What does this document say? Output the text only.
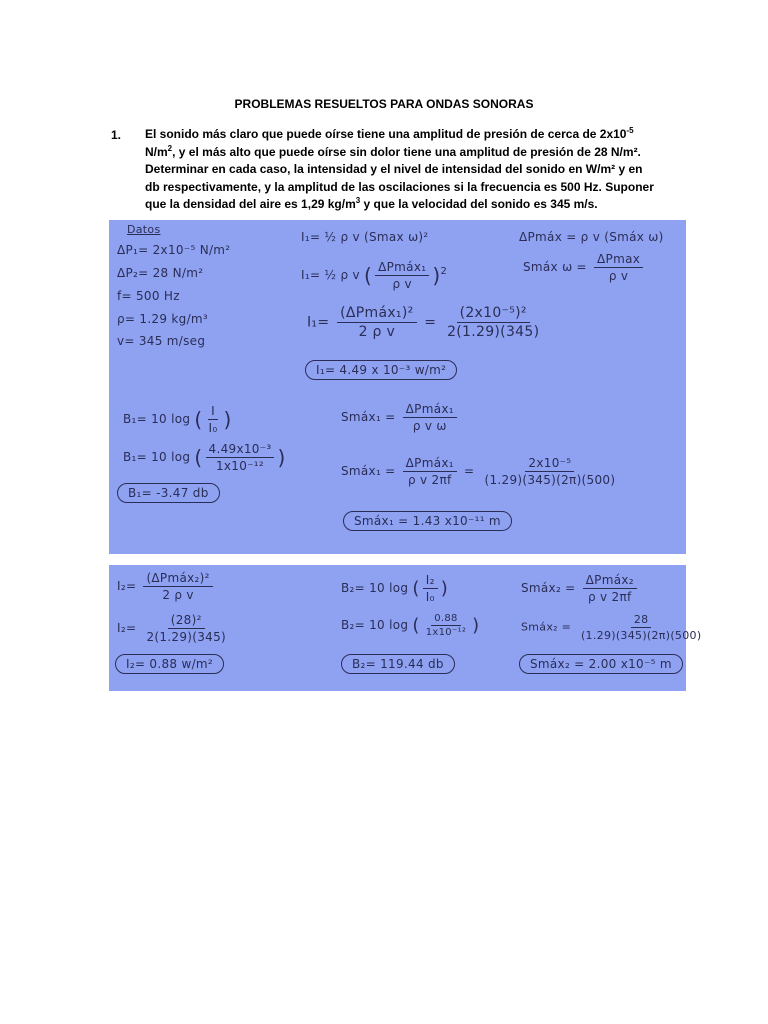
PROBLEMAS RESUELTOS PARA ONDAS SONORAS
1. El sonido más claro que puede oírse tiene una amplitud de presión de cerca de $2x10^{-5}$ $N/m^2$, y el más alto que puede oírse sin dolor tiene una amplitud de presión de 28 N/m². Determinar en cada caso, la intensidad y el nivel de intensidad del sonido en W/m² y en db respectivamente, y la amplitud de las oscilaciones si la frecuencia es 500 Hz. Suponer que la densidad del aire es 1,29 $kg/m^3$ y que la velocidad del sonido es 345 m/s.
Datos
ΔP₁= 2x10⁻⁵ N/m²
ΔP₂= 28 N/m²
f= 500 Hz
ρ= 1.29 kg/m³
v= 345 m/seg
I₁= ½ ρ v (Smax ω)²
I₁= ½ ρ v ( $\frac{\text{ΔPmáx₁}}{\text{ρ v}} )^2$
$I_1= \frac{\text{(ΔPmáx₁)²}}{\text{2 ρ v}} = \frac{\text{(2x10⁻⁵)²}}{2(1.29)(345)}$
I₁= 4.49 x 10⁻³ w/m²
ΔPmáx = ρ v (Smáx ω)
Smáx $\omega = \frac{\Delta Pmax}{\text{ρ v}}$
B₁= 10 log ( $\frac{I}{\text{I₀}}$ )
B₁= 10 log ( $\frac{\text{4.49x10⁻³}}{\text{1x10⁻¹²}}$ )
B₁= -3.47 db
Smáx₁ = $\frac{\text{ΔPmáx₁}}{\text{ρ v ω}}$
Smáx₁ = $\frac{\text{ΔPmáx₁}}{\text{ρ v 2πf}} = \frac{\text{2x10⁻⁵}}{(1.29)(345)(2\pi)(500)}$
Smáx₁ = 1.43 x10⁻¹¹ m
$I_2= \frac{\text{(ΔPmáx₂)²}}{\text{2 ρ v}}$
$I_2= \frac{\text{(28)²}}{2(1.29)(345)}$
I₂= 0.88 w/m²
B₂= 10 log ( $\frac{\text{I₂}}{\text{I₀}}$ )
B₂= 10 log ( $\frac{0.88}{\text{1x10⁻¹²}}$ )
B₂= 119.44 db
Smáx₂ = $\frac{\text{ΔPmáx₂}}{\text{ρ v 2πf}}$
Smáx₂ = $\frac{28}{(1.29)(345)(2\pi)(500)}$
Smáx₂ = 2.00 x10⁻⁵ m
